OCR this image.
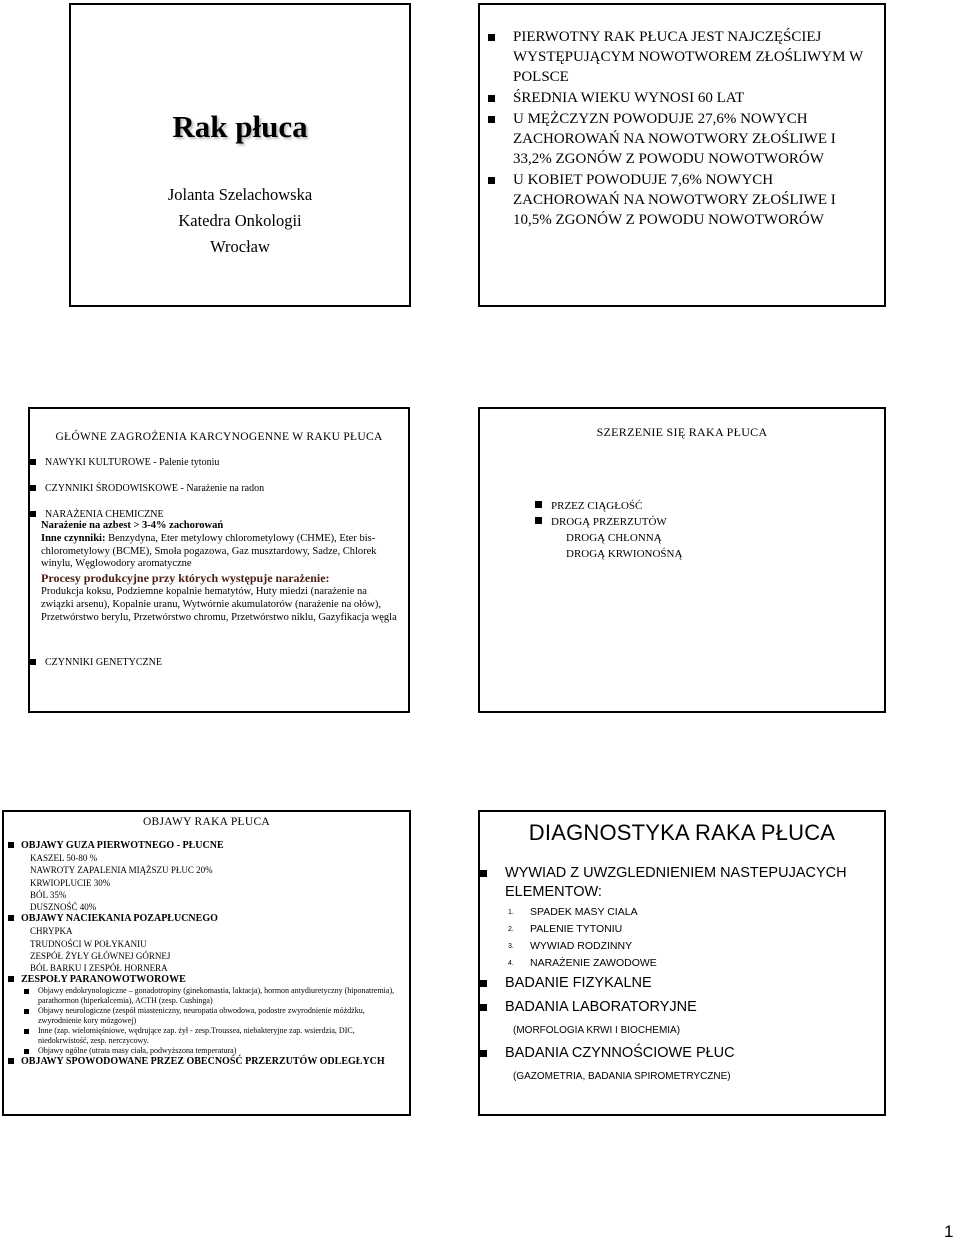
Rak płuca
Jolanta Szelachowska
Katedra Onkologii
Wrocław
PIERWOTNY RAK PŁUCA JEST NAJCZĘŚCIEJ WYSTĘPUJĄCYM NOWOTWOREM ZŁOŚLIWYM W POLSCE
ŚREDNIA WIEKU WYNOSI 60 LAT
U MĘŻCZYZN POWODUJE 27,6% NOWYCH ZACHOROWAŃ NA NOWOTWORY ZŁOŚLIWE I 33,2% ZGONÓW Z POWODU NOWOTWORÓW
U KOBIET POWODUJE 7,6% NOWYCH ZACHOROWAŃ NA NOWOTWORY ZŁOŚLIWE I 10,5% ZGONÓW Z POWODU NOWOTWORÓW
GŁÓWNE ZAGROŻENIA KARCYNOGENNE W RAKU PŁUCA
NAWYKI KULTUROWE - Palenie tytoniu
CZYNNIKI ŚRODOWISKOWE - Narażenie na radon
NARAŻENIA CHEMICZNE
Narażenie na azbest > 3-4% zachorowań
Inne czynniki: Benzydyna, Eter metylowy chlorometylowy (CHME), Eter bis-chlorometylowy (BCME), Smoła pogazowa, Gaz musztardowy, Sadze, Chlorek winylu, Węglowodory aromatyczne
Procesy produkcyjne przy których występuje narażenie:
Produkcja koksu, Podziemne kopalnie hematytów, Huty miedzi (narażenie na związki arsenu), Kopalnie uranu, Wytwórnie akumulatorów (narażenie na ołów), Przetwórstwo berylu, Przetwórstwo chromu, Przetwórstwo niklu, Gazyfikacja węgla
CZYNNIKI GENETYCZNE
SZERZENIE SIĘ RAKA PŁUCA
PRZEZ CIĄGŁOŚĆ
DROGĄ PRZERZUTÓW
DROGĄ CHŁONNĄ
DROGĄ KRWIONOŚNĄ
OBJAWY RAKA PŁUCA
OBJAWY GUZA PIERWOTNEGO - PŁUCNE
KASZEL 50-80 %
NAWROTY ZAPALENIA MIĄŻSZU PŁUC 20%
KRWIOPLUCIE 30%
BÓL 35%
DUSZNOŚĆ 40%
OBJAWY NACIEKANIA POZAPŁUCNEGO
CHRYPKA
TRUDNOŚCI W POŁYKANIU
ZESPÓŁ ŻYŁY GŁÓWNEJ GÓRNEJ
BÓL BARKU I ZESPÓŁ HORNERA
ZESPOŁY PARANOWOTWOROWE
Objawy endokrynologiczne – gonadotropiny (ginekomastia, laktacja), hormon antydiuretyczny (hiponatremia), parathormon (hiperkalcemia), ACTH (zesp. Cushinga)
Objawy neurologiczne (zespół miasteniczny, neuropatia obwodowa, podostre zwyrodnienie móżdżku, zwyrodnienie kory mózgowej)
Inne (zap. wielomięśniowe, wędrujące zap. żył - zesp.Troussea, niebakteryjne zap. wsierdzia, DIC, niedokrwistość, zesp. nerczycowy.
Objawy ogólne (utrata masy ciała, podwyższona temperatura)
OBJAWY SPOWODOWANE PRZEZ OBECNOŚĆ PRZERZUTÓW ODLEGŁYCH
DIAGNOSTYKA RAKA PŁUCA
WYWIAD Z UWZGLEDNIENIEM NASTEPUJACYCH ELEMENTOW:
1.	SPADEK MASY CIALA
2.	PALENIE TYTONIU
3.	WYWIAD RODZINNY
4.	NARAŻENIE ZAWODOWE
BADANIE FIZYKALNE
BADANIA LABORATORYJNE
(MORFOLOGIA KRWI I BIOCHEMIA)
BADANIA CZYNNOŚCIOWE PŁUC
(GAZOMETRIA, BADANIA SPIROMETRYCZNE)
1
